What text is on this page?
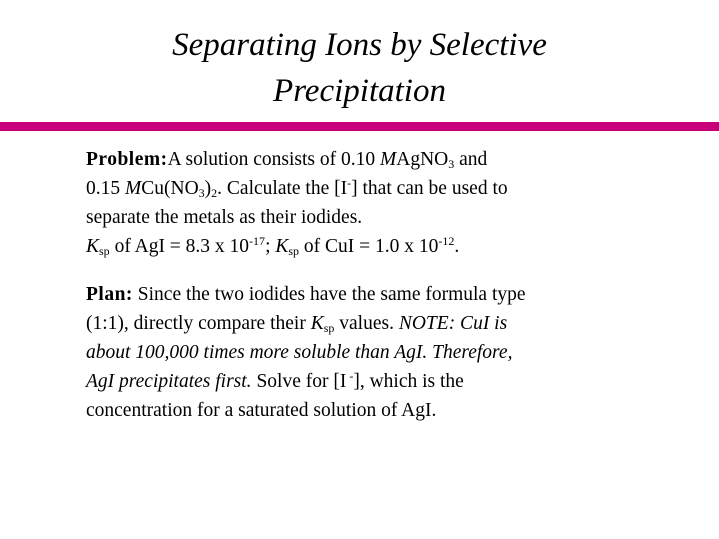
Separating Ions by Selective
Precipitation
Problem:A solution consists of 0.10 MAgNO$_3$ and
0.15 $MCu(NO_3)_2$. Calculate the [I-] that can be used to
separate the metals as their iodides.
$K_{sp}$ of AgI = 8.3 x $10^{-17}$; $K_{sp}$ of CuI = 1.0 x $10^{-12}$.
Plan: Since the two iodides have the same formula type
(1:1), directly compare their $K_{sp}$ values. NOTE: CuI is
about 100,000 times more soluble than AgI. Therefore,
AgI precipitates first. Solve for [I -], which is the
concentration for a saturated solution of AgI.
